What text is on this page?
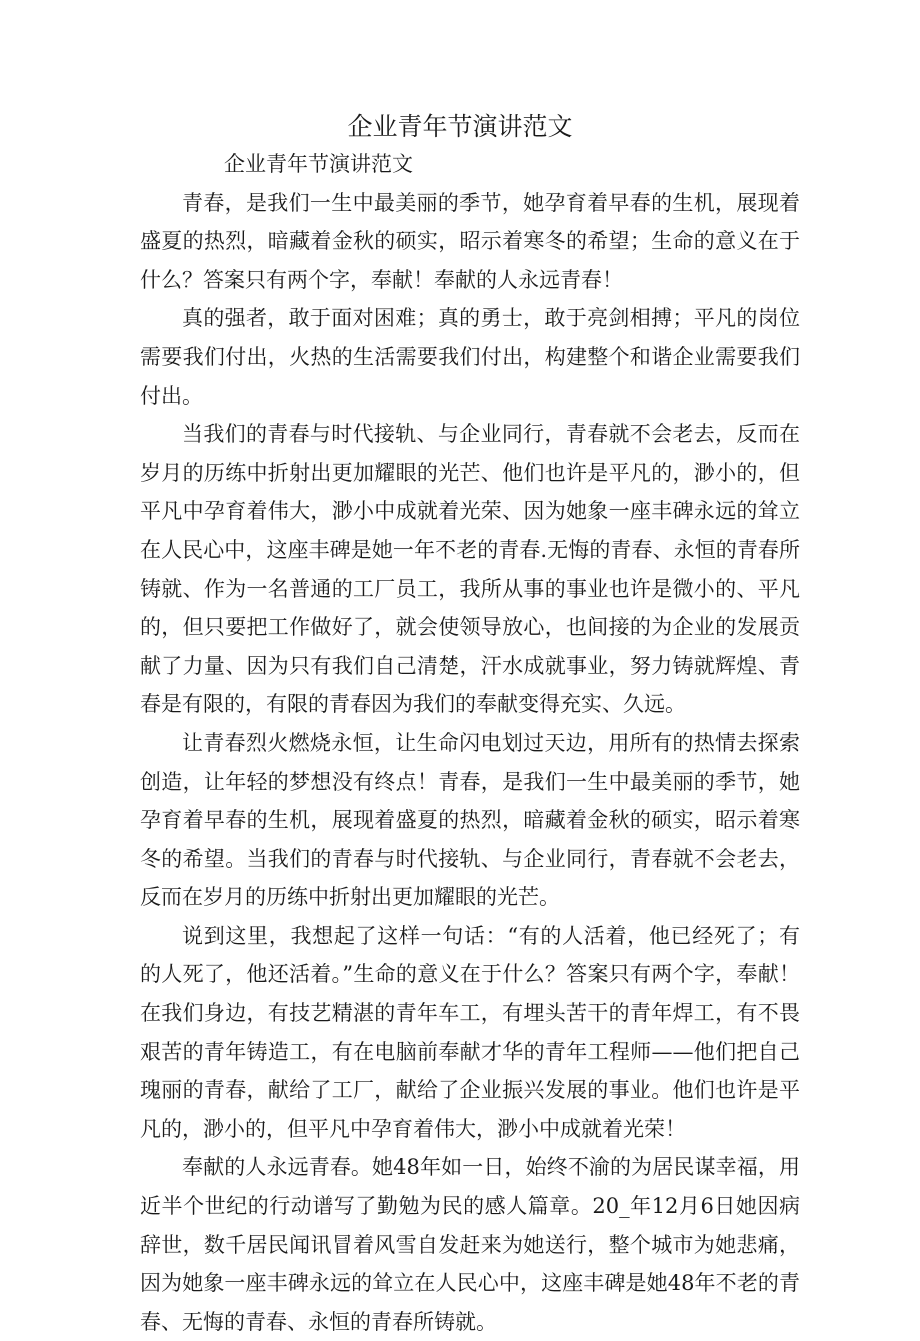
企业青年节演讲范文

企业青年节演讲范文

青春，是我们一生中最美丽的季节，她孕育着早春的生机，展现着盛夏的热烈，暗藏着金秋的硕实，昭示着寒冬的希望；生命的意义在于什么？答案只有两个字，奉献！奉献的人永远青春！

真的强者，敢于面对困难；真的勇士，敢于亮剑相搏；平凡的岗位需要我们付出，火热的生活需要我们付出，构建整个和谐企业需要我们付出。

当我们的青春与时代接轨、与企业同行，青春就不会老去，反而在岁月的历练中折射出更加耀眼的光芒、他们也许是平凡的，渺小的，但平凡中孕育着伟大，渺小中成就着光荣、因为她象一座丰碑永远的耸立在人民心中，这座丰碑是她一年不老的青春.无悔的青春、永恒的青春所铸就、作为一名普通的工厂员工，我所从事的事业也许是微小的、平凡的，但只要把工作做好了，就会使领导放心，也间接的为企业的发展贡献了力量、因为只有我们自己清楚，汗水成就事业，努力铸就辉煌、青春是有限的，有限的青春因为我们的奉献变得充实、久远。

让青春烈火燃烧永恒，让生命闪电划过天边，用所有的热情去探索创造，让年轻的梦想没有终点！青春，是我们一生中最美丽的季节，她孕育着早春的生机，展现着盛夏的热烈，暗藏着金秋的硕实，昭示着寒冬的希望。当我们的青春与时代接轨、与企业同行，青春就不会老去，反而在岁月的历练中折射出更加耀眼的光芒。

说到这里，我想起了这样一句话：“有的人活着，他已经死了；有的人死了，他还活着。”生命的意义在于什么？答案只有两个字，奉献！在我们身边，有技艺精湛的青年车工，有埋头苦干的青年焊工，有不畏艰苦的青年铸造工，有在电脑前奉献才华的青年工程师——他们把自己瑰丽的青春，献给了工厂，献给了企业振兴发展的事业。他们也许是平凡的，渺小的，但平凡中孕育着伟大，渺小中成就着光荣！

奉献的人永远青春。她48年如一日，始终不渝的为居民谋幸福，用近半个世纪的行动谱写了勤勉为民的感人篇章。20_年12月6日她因病辞世，数千居民闻讯冒着风雪自发赶来为她送行，整个城市为她悲痛，因为她象一座丰碑永远的耸立在人民心中，这座丰碑是她48年不老的青春、无悔的青春、永恒的青春所铸就。
